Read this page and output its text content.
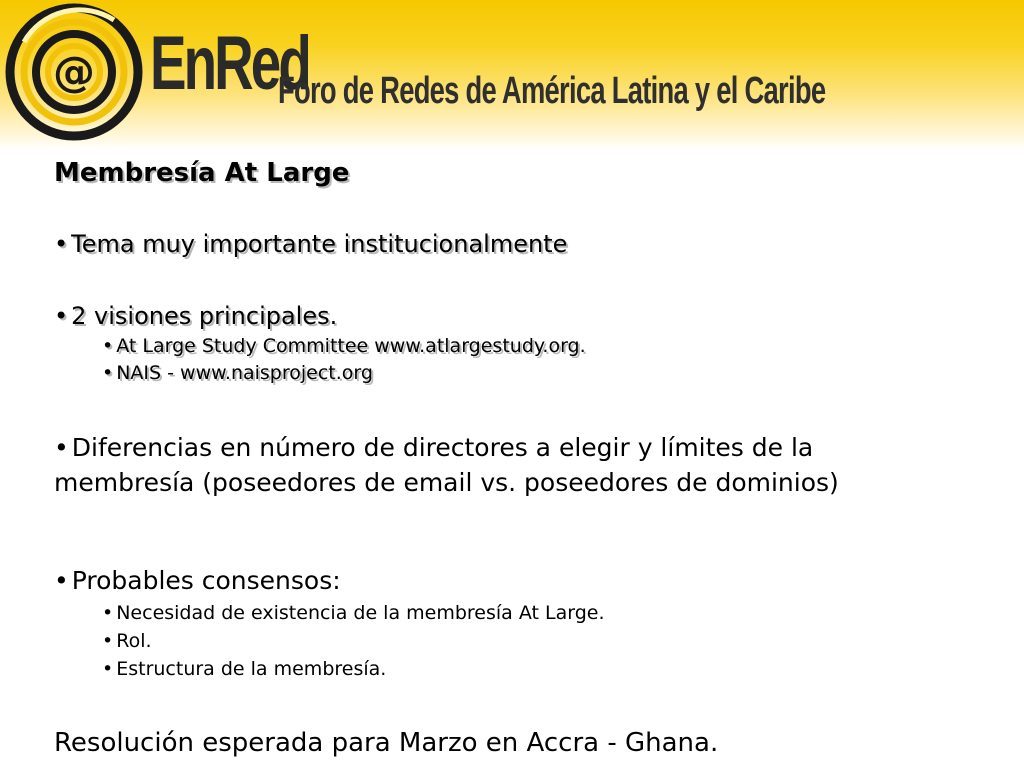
@ EnRed
Foro de Redes de América Latina y el Caribe
Membresía At Large
• Tema muy importante institucionalmente
• 2 visiones principales.
• At Large Study Committee www.atlargestudy.org.
• NAIS - www.naisproject.org
• Diferencias en número de directores a elegir y límites de la membresía (poseedores de email vs. poseedores de dominios)
• Probables consensos:
• Necesidad de existencia de la membresía At Large.
• Rol.
• Estructura de la membresía.
Resolución esperada para Marzo en Accra - Ghana.
